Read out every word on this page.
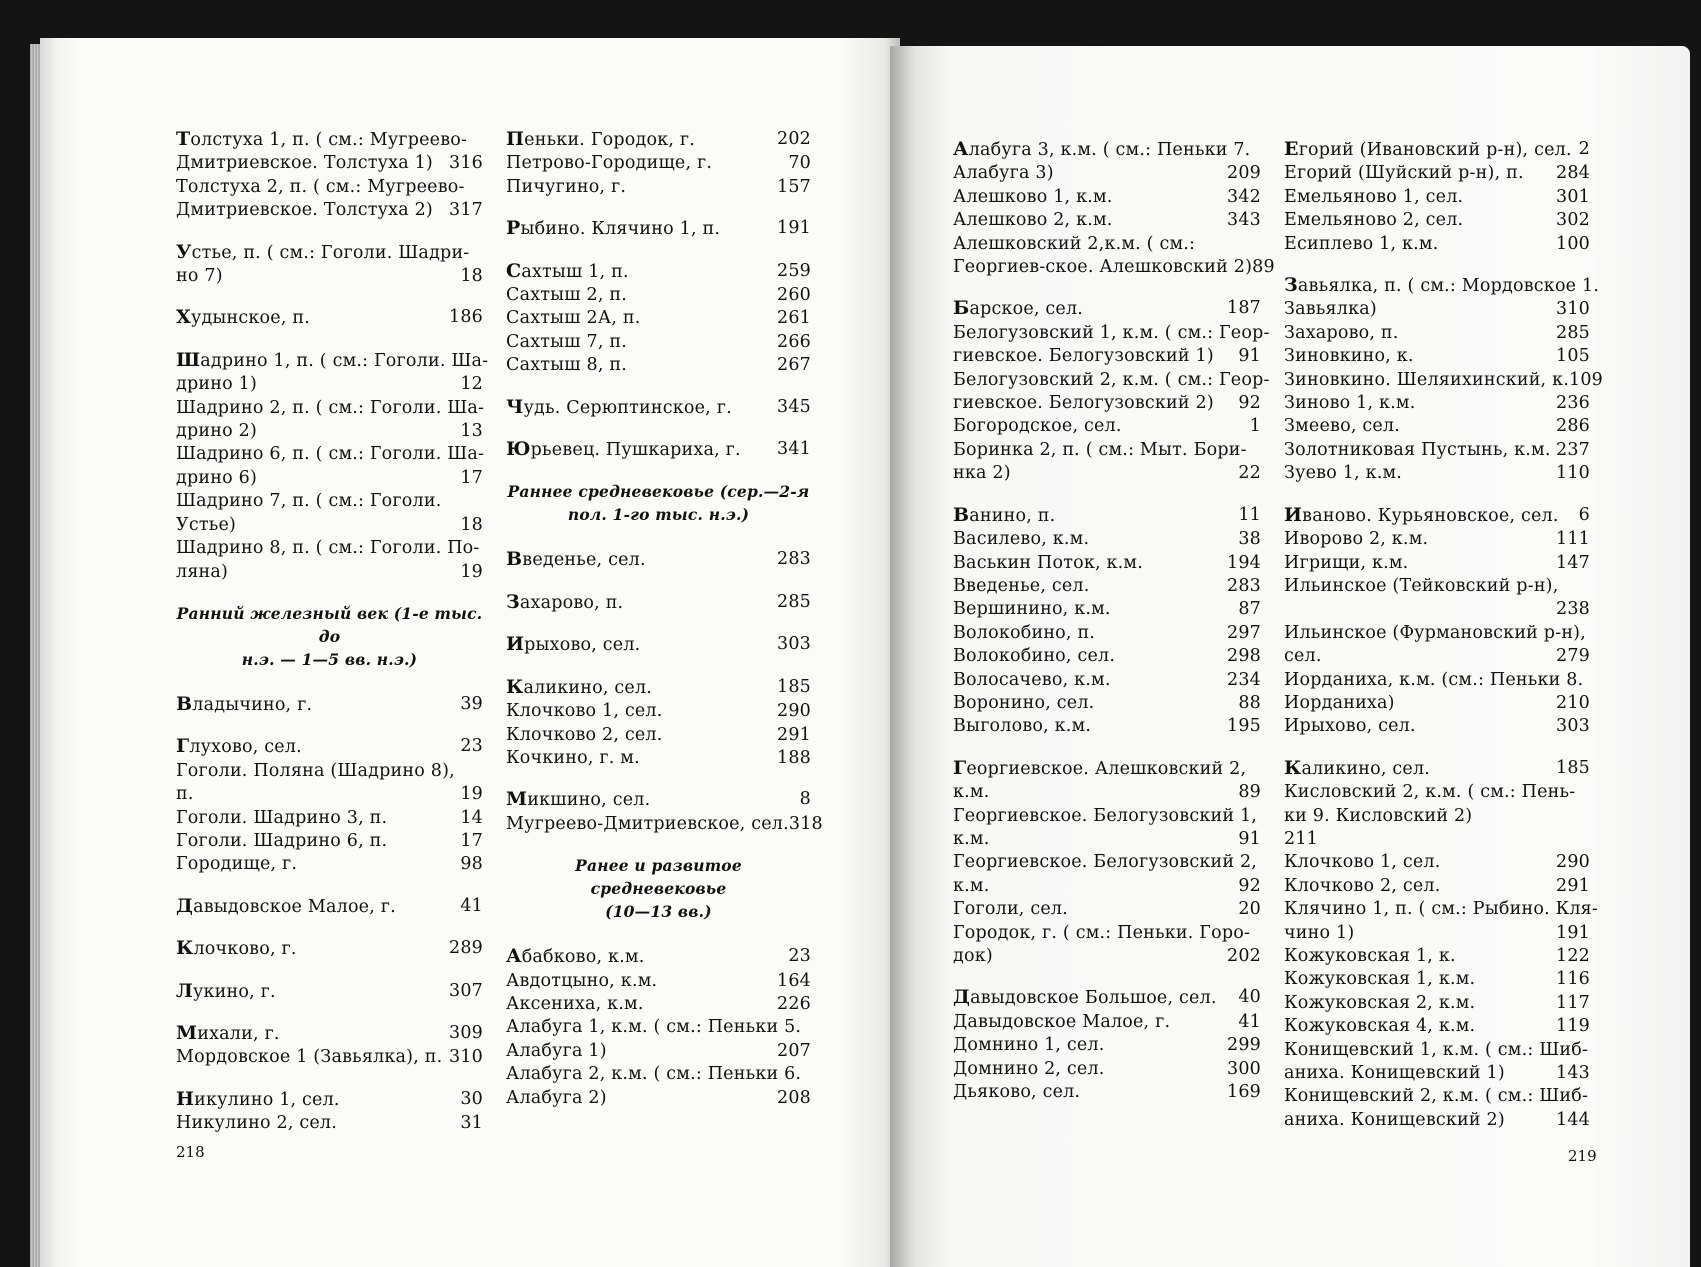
Толстуха 1, п. ( см.: Мугреево-
Дмитриевское. Толстуха 1) 316
Толстуха 2, п. ( см.: Мугреево-
Дмитриевское. Толстуха 2) 317
Устье, п. ( см.: Гоголи. Шадри-
но 7)	18
Худынское, п.	186
Шадрино 1, п. ( см.: Гоголи. Ша-
дрино 1)	12
Шадрино 2, п. ( см.: Гоголи. Ша-
дрино 2)	13
Шадрино 6, п. ( см.: Гоголи. Ша-
дрино 6)	17
Шадрино 7, п. ( см.: Гоголи.
Устье)	18
Шадрино 8, п. ( см.: Гоголи. По-
ляна)	19
Ранний железный век (1-е тыс. до
н.э. — 1—5 вв. н.э.)
Владычино, г.	39
Глухово, сел.	23
Гоголи. Поляна (Шадрино 8),
п.	19
Гоголи. Шадрино 3, п.	14
Гоголи. Шадрино 6, п.	17
Городище, г.	98
Давыдовское Малое, г.	41
Клочково, г.	289
Лукино, г.	307
Михали, г.	309
Мордовское 1 (Завьялка), п. 310
Никулино 1, сел.	30
Никулино 2, сел.	31
Пеньки. Городок, г.	202
Петрово-Городище, г.	70
Пичугино, г.	157
Рыбино. Клячино 1, п.	191
Сахтыш 1, п.	259
Сахтыш 2, п.	260
Сахтыш 2А, п.	261
Сахтыш 7, п.	266
Сахтыш 8, п.	267
Чудь. Серюптинское, г.	345
Юрьевец. Пушкариха, г. 341
Раннее средневековье (сер.—2-я
пол. 1-го тыс. н.э.)
Введенье, сел.	283
Захарово, п.	285
Ирыхово, сел.	303
Каликино, сел.	185
Клочково 1, сел.	290
Клочково 2, сел.	291
Кочкино, г. м.	188
Микшино, сел.	8
Мугреево-Дмитриевское, сел. 318
Ранее и развитое средневековье
(10—13 вв.)
Абабково, к.м.	23
Авдотцыно, к.м.	164
Аксениха, к.м.	226
Алабуга 1, к.м. ( см.: Пеньки 5.
Алабуга 1)	207
Алабуга 2, к.м. ( см.: Пеньки 6.
Алабуга 2)	208
Алабуга 3, к.м. ( см.: Пеньки 7.
Алабуга 3)	209
Алешково 1, к.м.	342
Алешково 2, к.м.	343
Алешковский 2,к.м. ( см.:
Георгиев-ское. Алешковский 2) 89
Барское, сел.	187
Белогузовский 1, к.м. ( см.: Геор-
гиевское. Белогузовский 1) 91
Белогузовский 2, к.м. ( см.: Геор-
гиевское. Белогузовский 2) 92
Богородское, сел.	1
Боринка 2, п. ( см.: Мыт. Бори-
нка 2)	22
Ванино, п.	11
Василево, к.м.	38
Васькин Поток, к.м.	194
Введенье, сел.	283
Вершинино, к.м.	87
Волокобино, п.	297
Волокобино, сел.	298
Волосачево, к.м.	234
Воронино, сел.	88
Выголово, к.м.	195
Георгиевское. Алешковский 2,
к.м.	89
Георгиевское. Белогузовский 1,
к.м.	91
Георгиевское. Белогузовский 2,
к.м.	92
Гоголи, сел.	20
Городок, г. ( см.: Пеньки. Горо-
док)	202
Давыдовское Большое, сел. 40
Давыдовское Малое, г.	41
Домнино 1, сел.	299
Домнино 2, сел.	300
Дьяково, сел.	169
Егорий (Ивановский р-н), сел. 2
Егорий (Шуйский р-н), п. 284
Емельяново 1, сел.	301
Емельяново 2, сел.	302
Есиплево 1, к.м.	100
Завьялка, п. ( см.: Мордовское 1.
Завьялка)	310
Захарово, п.	285
Зиновкино, к.	105
Зиновкино. Шеляихинский, к. 109
Зиново 1, к.м.	236
Змеево, сел.	286
Золотниковая Пустынь, к.м. 237
Зуево 1, к.м.	110
Иваново. Курьяновское, сел. 6
Иворово 2, к.м.	111
Игрищи, к.м.	147
Ильинское (Тейковский р-н),

238
Ильинское (Фурмановский р-н),
сел.	279
Иорданиха, к.м. (см.: Пеньки 8.
Иорданиха)	210
Ирыхово, сел.	303
Каликино, сел.	185
Кисловский 2, к.м. ( см.: Пень-
ки 9. Кисловский 2)
211
Клочково 1, сел.	290
Клочково 2, сел.	291
Клячино 1, п. ( см.: Рыбино. Кля-
чино 1)	191
Кожуковская 1, к.	122
Кожуковская 1, к.м.	116
Кожуковская 2, к.м.	117
Кожуковская 4, к.м.	119
Конищевский 1, к.м. ( см.: Шиб-
аниха. Конищевский 1)	143
Конищевский 2, к.м. ( см.: Шиб-
аниха. Конищевский 2)	144
218	219
